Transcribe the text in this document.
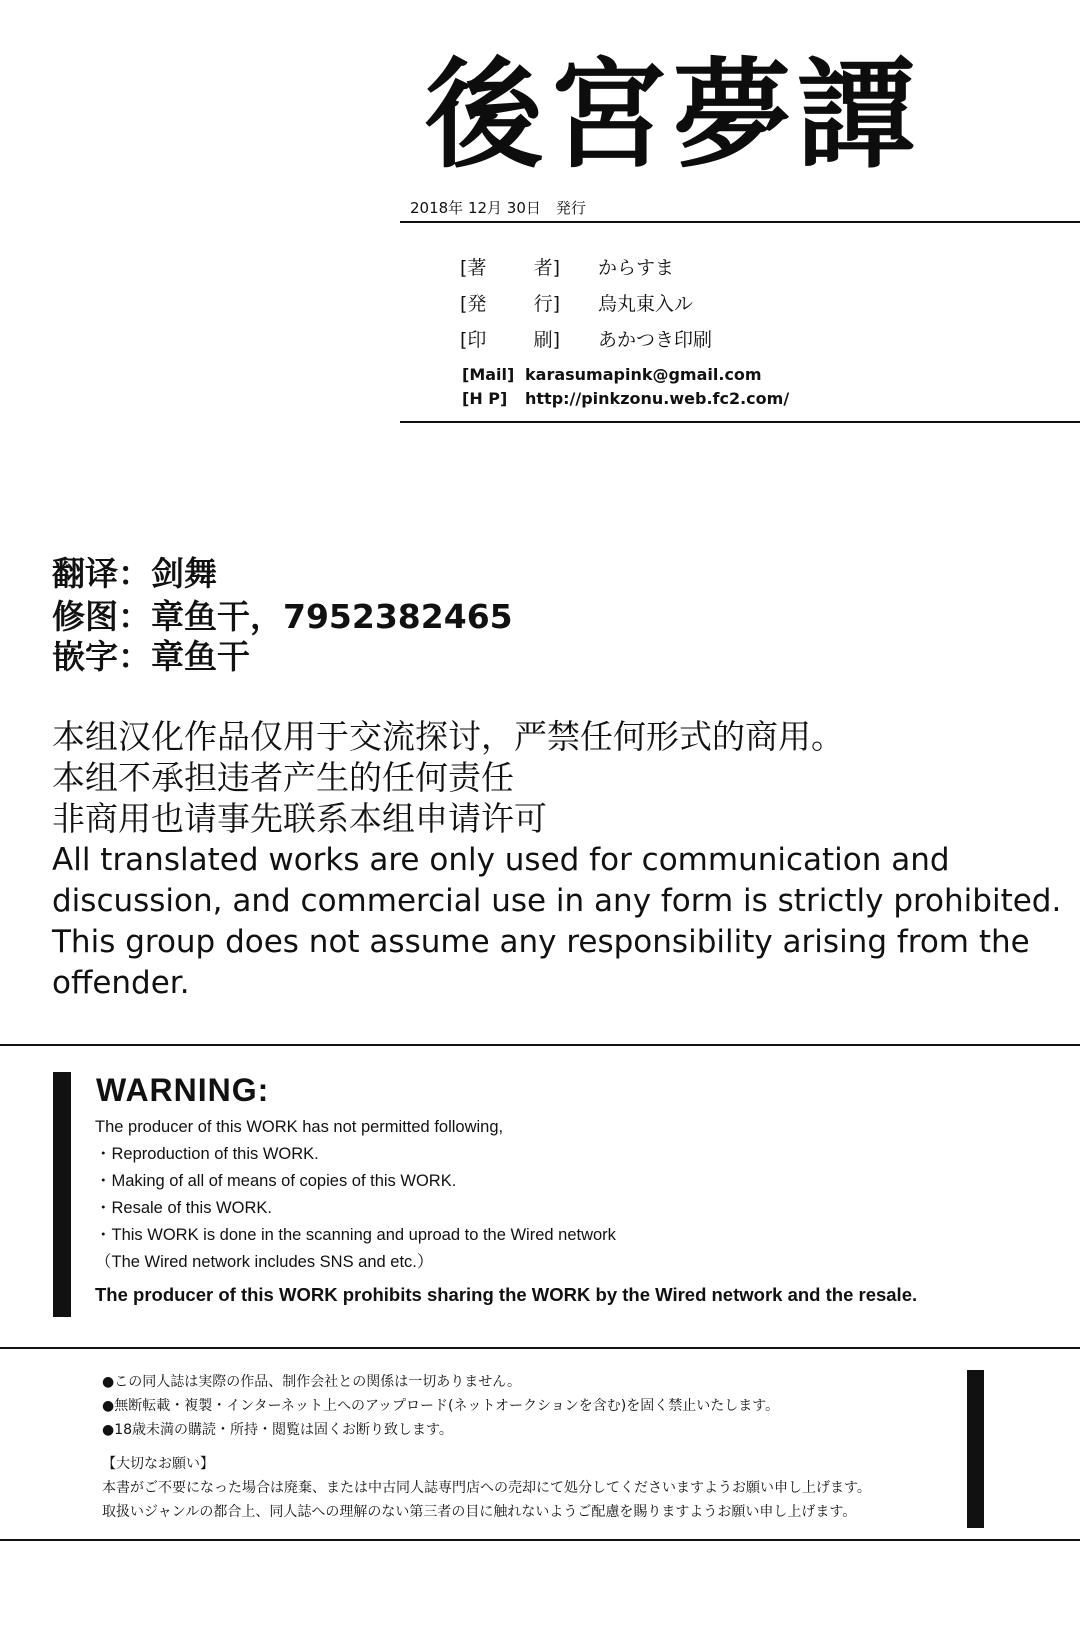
後宮夢譚
2018年 12月 30日　発行
[著 者] からすま
[発 行] 烏丸東入ル
[印 刷] あかつき印刷
[Mail] karasumapink@gmail.com
[H P]	http://pinkzonu.web.fc2.com/
翻译：剑舞
修图：章鱼干，7952382465
嵌字：章鱼干
本组汉化作品仅用于交流探讨，严禁任何形式的商用。
本组不承担违者产生的任何责任
非商用也请事先联系本组申请许可
All translated works are only used for communication and discussion, and commercial use in any form is strictly prohibited. This group does not assume any responsibility arising from the offender.
WARNING:
The producer of this WORK has not permitted following,
・Reproduction of this WORK.
・Making of all of means of copies of this WORK.
・Resale of this WORK.
・This WORK is done in the scanning and uproad to the Wired network
（The Wired network includes SNS and etc.）
The producer of this WORK prohibits sharing the WORK by the Wired network and the resale.
●この同人誌は実際の作品、制作会社との関係は一切ありません。
●無断転載・複製・インターネット上へのアップロード(ネットオークションを含む)を固く禁止いたします。
●18歳未満の購読・所持・閲覧は固くお断り致します。
【大切なお願い】
本書がご不要になった場合は廃棄、または中古同人誌専門店への売却にて処分してくださいますようお願い申し上げます。
取扱いジャンルの都合上、同人誌への理解のない第三者の目に触れないようご配慮を賜りますようお願い申し上げます。
